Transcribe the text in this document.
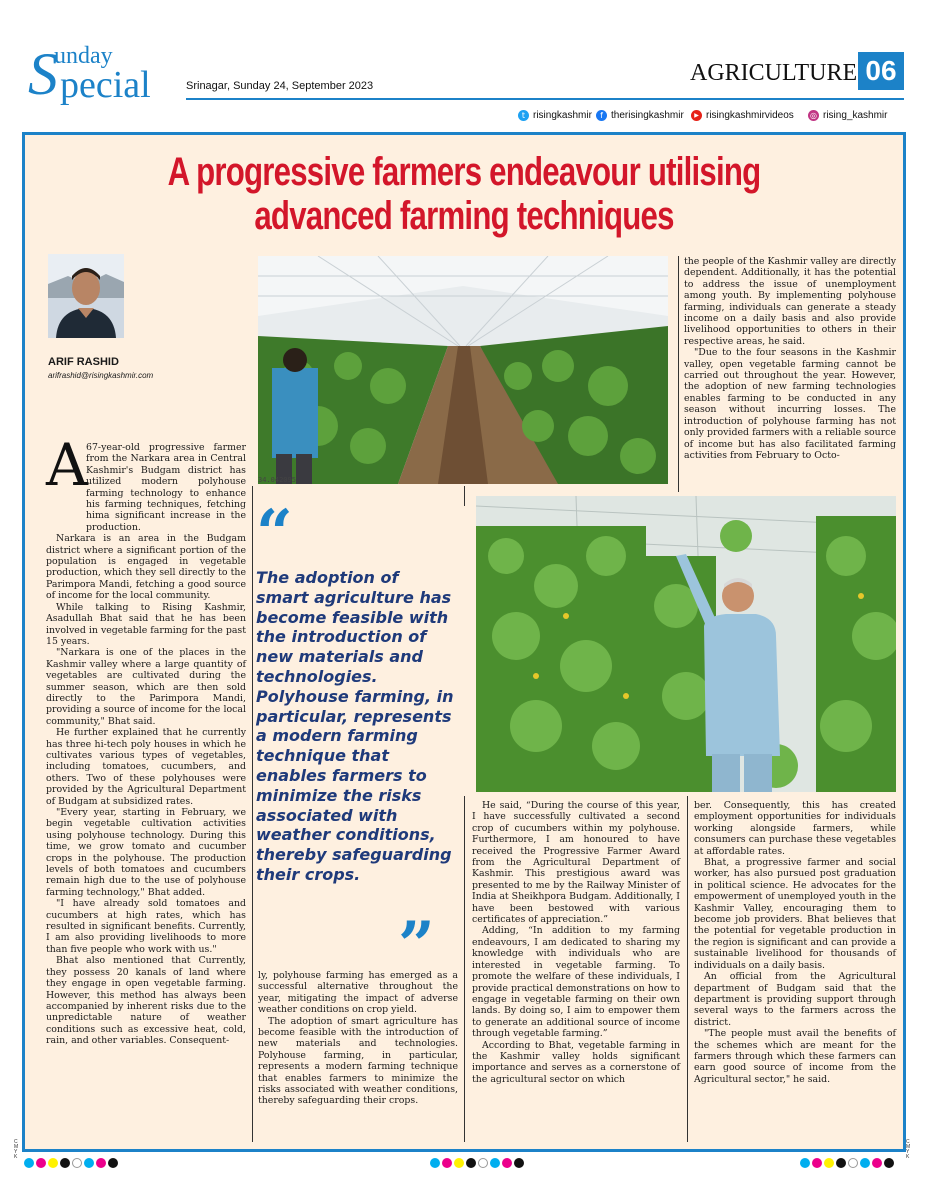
S
unday
pecial	Srinagar, Sunday 24, September 2023	AGRICULTURE 06
t risingkashmir	f therisingkashmir	▶ risingkashmirvideos ◎ rising_kashmir
A progressive farmers endeavour utilising
advanced farming techniques
ARIF RASHID
arifrashid@risingkashmir.com
A

67-year-old progressive farmer from the Narkara area in Central Kashmir's Budgam district has utilized modern polyhouse farming technology to enhance his farming techniques, fetching hima significant increase in the production.

Narkara is an area in the Budgam district where a significant portion of the population is engaged in vegetable production, which they sell directly to the Parimpora Mandi, fetching a good source of income for the local community.

While talking to Rising Kashmir, Asadullah Bhat said that he has been involved in vegetable farming for the past 15 years.

"Narkara is one of the places in the Kashmir valley where a large quantity of vegetables are cultivated during the summer season, which are then sold directly to the Parimpora Mandi, providing a source of income for the local community," Bhat said.

He further explained that he currently has three hi-tech poly houses in which he cultivates various types of vegetables, including tomatoes, cucumbers, and others. Two of these polyhouses were provided by the Agricultural Department of Budgam at subsidized rates.

"Every year, starting in February, we begin vegetable cultivation activities using polyhouse technology. During this time, we grow tomato and cucumber crops in the polyhouse. The production levels of both tomatoes and cucumbers remain high due to the use of polyhouse farming technology," Bhat added.

"I have already sold tomatoes and cucumbers at high rates, which has resulted in significant benefits. Currently, I am also providing livelihoods to more than five people who work with us."

Bhat also mentioned that Currently, they possess 20 kanals of land where they engage in open vegetable farming. However, this method has always been accompanied by inherent risks due to the unpredictable nature of weather conditions such as excessive heat, cold, rain, and other variables. Consequent-

34.042095
“
The adoption of smart agriculture has become feasible with the introduction of new materials and technologies. Polyhouse farming, in particular, represents a modern farming technique that enables farmers to minimize the risks associated with weather conditions, thereby safeguarding their crops.
”

the people of the Kashmir valley are directly dependent. Additionally, it has the potential to address the issue of unemployment among youth. By implementing polyhouse farming, individuals can generate a steady income on a daily basis and also provide livelihood opportunities to others in their respective areas, he said.

"Due to the four seasons in the Kashmir valley, open vegetable farming cannot be carried out throughout the year. However, the adoption of new farming technologies enables farming to be conducted in any season without incurring losses. The introduction of polyhouse farming has not only provided farmers with a reliable source of income but has also facilitated farming activities from February to Octo-

ly, polyhouse farming has emerged as a successful alternative throughout the year, mitigating the impact of adverse weather conditions on crop yield.

The adoption of smart agriculture has become feasible with the introduction of new materials and technologies. Polyhouse farming, in particular, represents a modern farming technique that enables farmers to minimize the risks associated with weather conditions, thereby safeguarding their crops.

He said, “During the course of this year, I have successfully cultivated a second crop of cucumbers within my polyhouse. Furthermore, I am honoured to have received the Progressive Farmer Award from the Agricultural Department of Kashmir. This prestigious award was presented to me by the Railway Minister of India at Sheikhpora Budgam. Additionally, I have been bestowed with various certificates of appreciation.”

Adding, “In addition to my farming endeavours, I am dedicated to sharing my knowledge with individuals who are interested in vegetable farming. To promote the welfare of these individuals, I provide practical demonstrations on how to engage in vegetable farming on their own lands. By doing so, I aim to empower them to generate an additional source of income through vegetable farming.”

According to Bhat, vegetable farming in the Kashmir valley holds significant importance and serves as a cornerstone of the agricultural sector on which

ber. Consequently, this has created employment opportunities for individuals working alongside farmers, while consumers can purchase these vegetables at affordable rates.

Bhat, a progressive farmer and social worker, has also pursued post graduation in political science. He advocates for the empowerment of unemployed youth in the Kashmir Valley, encouraging them to become job providers. Bhat believes that the potential for vegetable production in the region is significant and can provide a sustainable livelihood for thousands of individuals on a daily basis.

An official from the Agricultural department of Budgam said that the department is providing support through several ways to the farmers across the district.

"The people must avail the benefits of the schemes which are meant for the farmers through which these farmers can earn good source of income from the Agricultural sector," he said.

C M Y K
C M Y K
